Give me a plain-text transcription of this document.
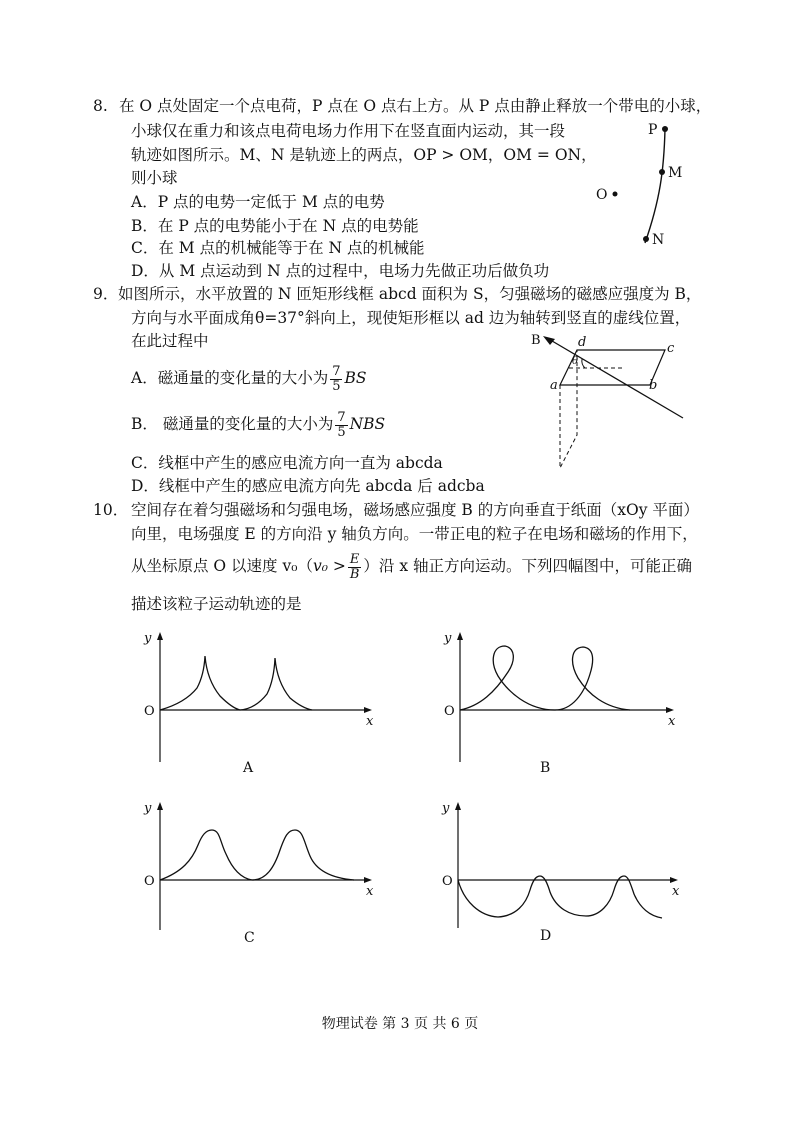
8. 在 O 点处固定一个点电荷，P 点在 O 点右上方。从 P 点由静止释放一个带电的小球，
小球仅在重力和该点电荷电场力作用下在竖直面内运动，其一段
轨迹如图所示。M、N 是轨迹上的两点，OP > OM，OM = ON，
则小球
A．P 点的电势一定低于 M 点的电势
B．在 P 点的电势能小于在 N 点的电势能
C．在 M 点的机械能等于在 N 点的机械能
D．从 M 点运动到 N 点的过程中，电场力先做正功后做负功
P
M
N
O
9． 如图所示，水平放置的 N 匝矩形线框 abcd 面积为 S，匀强磁场的磁感应强度为 B，
方向与水平面成角θ=37°斜向上，现使矩形框以 ad 边为轴转到竖直的虚线位置，
在此过程中
A．磁通量的变化量的大小为 $\frac{7}{5}$ BS
B． 磁通量的变化量的大小为 $\frac{7}{5}$ NBS
C．线框中产生的感应电流方向一直为 abcda
D．线框中产生的感应电流方向先 abcda 后 adcba
B	d	c
a	b
θ
10． 空间存在着匀强磁场和匀强电场，磁场感应强度 B 的方向垂直于纸面（xOy 平面）
向里，电场强度 E 的方向沿 y 轴负方向。一带正电的粒子在电场和磁场的作用下，
从坐标原点 O 以速度 $v_0(v_0 > \frac{E}{B}$ ）沿 x 轴正方向运动。下列四幅图中，可能正确
描述该粒子运动轨迹的是
y
O
x
A
y
O
x
B
y
O
x
C
y
O
x
D
物理试卷 第 3 页 共 6 页
